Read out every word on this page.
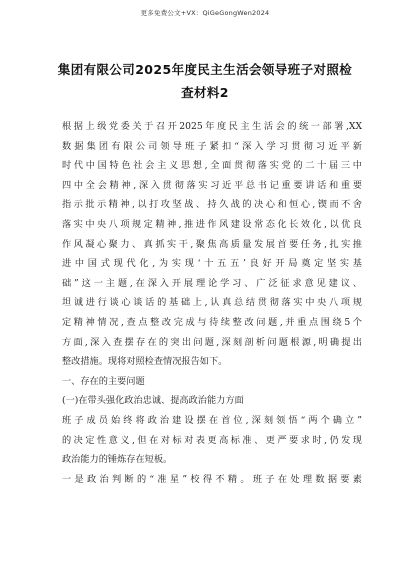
更多免费公文+VX：QiGeGongWen2024
集团有限公司2025年度民主生活会领导班子对照检
查材料2
根据上级党委关于召开2025年度民主生活会的统一部署,XX
数据集团有限公司领导班子紧扣“深入学习贯彻习近平新
时代中国特色社会主义思想,全面贯彻落实党的二十届三中
四中全会精神,深入贯彻落实习近平总书记重要讲话和重要
指示批示精神,以打攻坚战、持久战的决心和恒心,锲而不舍
落实中央八项规定精神,推进作风建设常态化长效化,以优良
作风凝心聚力、真抓实干,聚焦高质量发展首要任务,扎实推
进中国式现代化,为实现‘十五五’良好开局奠定坚实基
础”这一主题,在深入开展理论学习、广泛征求意见建议、
坦诚进行谈心谈话的基础上,认真总结贯彻落实中央八项规
定精神情况,查点整改完成与待续整改问题,并重点围绕5个
方面,深入查摆存在的突出问题,深刻剖析问题根源,明确提出
整改措施。现将对照检查情况报告如下。
一、存在的主要问题
(一)在带头强化政治忠诚、提高政治能力方面
班子成员始终将政治建设摆在首位,深刻领悟“两个确立”
的决定性意义,但在对标对表更高标准、更严要求时,仍发现
政治能力的锤炼存在短板。
一是政治判断的“准星”校得不精。班子在处理数据要素
